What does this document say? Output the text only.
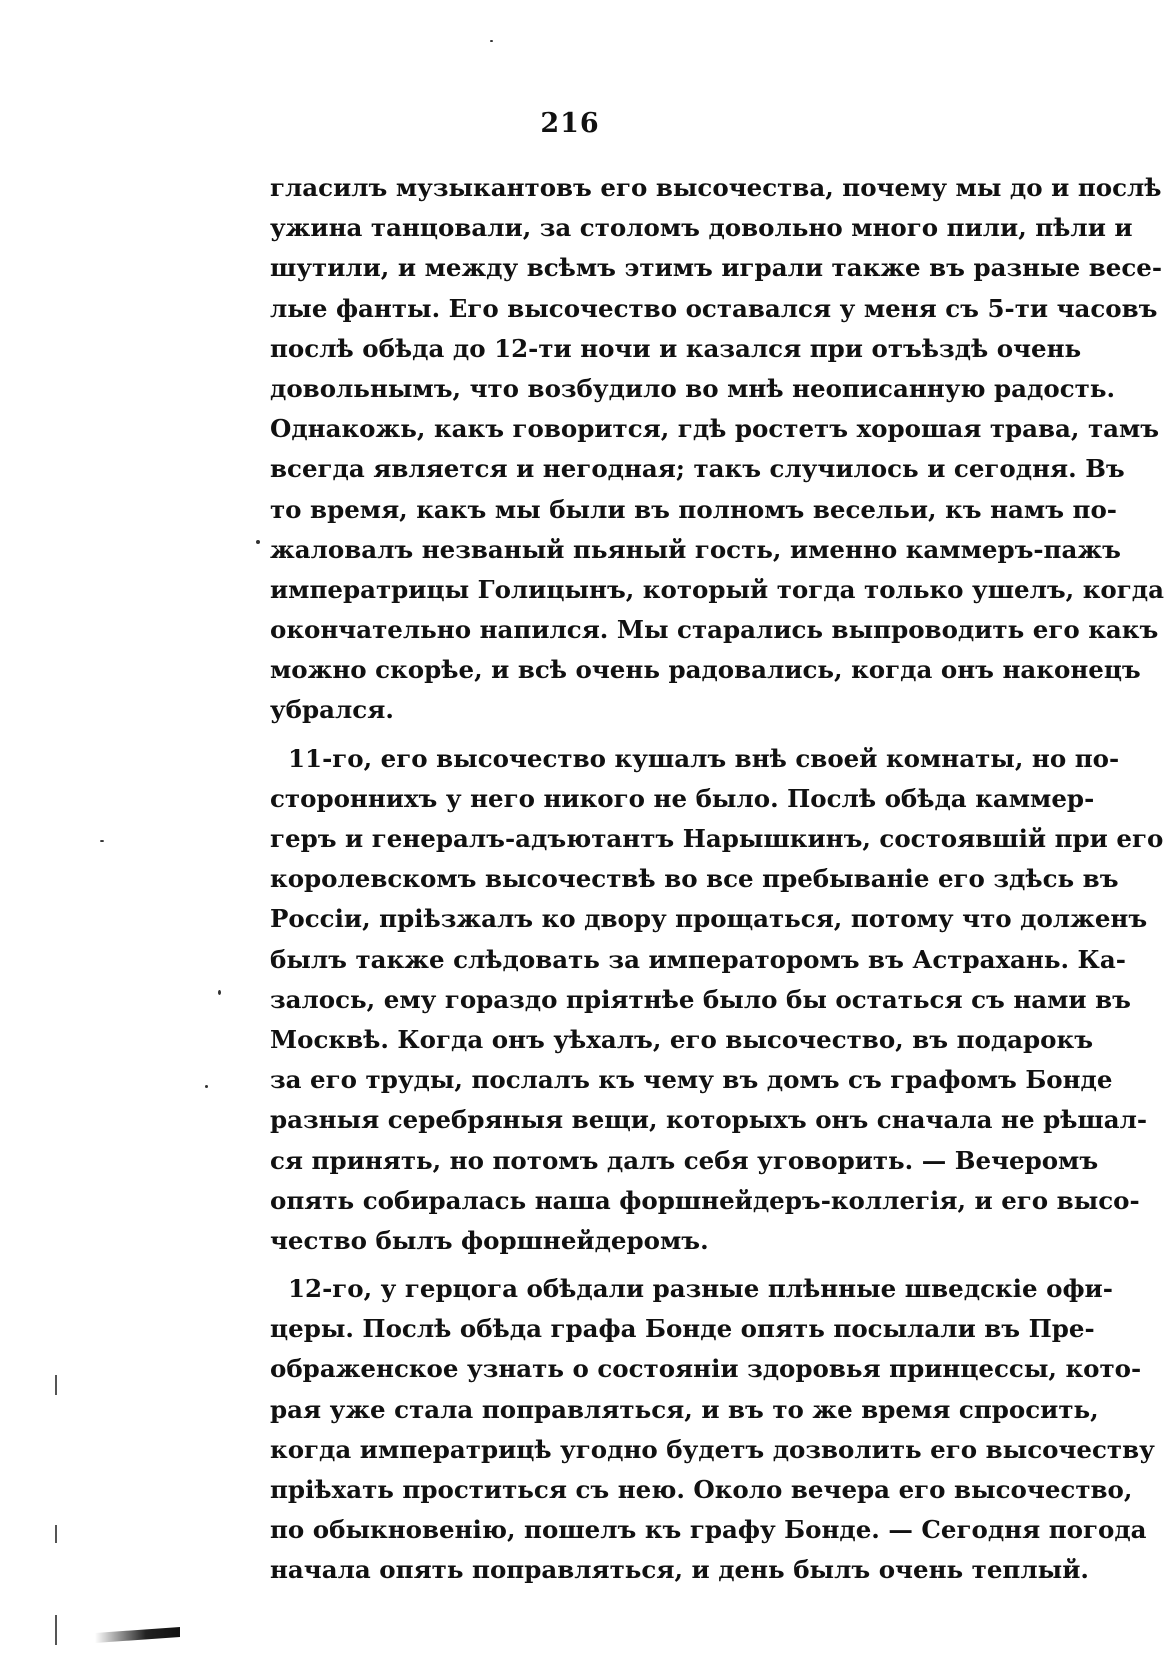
216
гласилъ музыкантовъ его высочества, почему мы до и послѣ
ужина танцовали, за столомъ довольно много пили, пѣли и
шутили, и между всѣмъ этимъ играли также въ разные весе-
лые фанты. Его высочество оставался у меня съ 5-ти часовъ
послѣ обѣда до 12-ти ночи и казался при отъѣздѣ очень
довольнымъ, что возбудило во мнѣ неописанную радость.
Однакожь, какъ говорится, гдѣ ростетъ хорошая трава, тамъ
всегда является и негодная; такъ случилось и сегодня. Въ
то время, какъ мы были въ полномъ весельи, къ намъ по-
жаловалъ незваный пьяный гость, именно каммеръ-пажъ
императрицы Голицынъ, который тогда только ушелъ, когда
окончательно напился. Мы старались выпроводить его какъ
можно скорѣе, и всѣ очень радовались, когда онъ наконецъ
убрался.
11-го, его высочество кушалъ внѣ своей комнаты, но по-
стороннихъ у него никого не было. Послѣ обѣда каммер-
геръ и генералъ-адъютантъ Нарышкинъ, состоявшій при его
королевскомъ высочествѣ во все пребываніе его здѣсь въ
Россіи, пріѣзжалъ ко двору прощаться, потому что долженъ
былъ также слѣдовать за императоромъ въ Астрахань. Ка-
залось, ему гораздо пріятнѣе было бы остаться съ нами въ
Москвѣ. Когда онъ уѣхалъ, его высочество, въ подарокъ
за его труды, послалъ къ чему въ домъ съ графомъ Бонде
разныя серебряныя вещи, которыхъ онъ сначала не рѣшал-
ся принять, но потомъ далъ себя уговорить. — Вечеромъ
опять собиралась наша форшнейдеръ-коллегія, и его высо-
чество былъ форшнейдеромъ.
12-го, у герцога обѣдали разные плѣнные шведскіе офи-
церы. Послѣ обѣда графа Бонде опять посылали въ Пре-
ображенское узнать о состояніи здоровья принцессы, кото-
рая уже стала поправляться, и въ то же время спросить,
когда императрицѣ угодно будетъ дозволить его высочеству
пріѣхать проститься съ нею. Около вечера его высочество,
по обыкновенію, пошелъ къ графу Бонде. — Сегодня погода
начала опять поправляться, и день былъ очень теплый.
